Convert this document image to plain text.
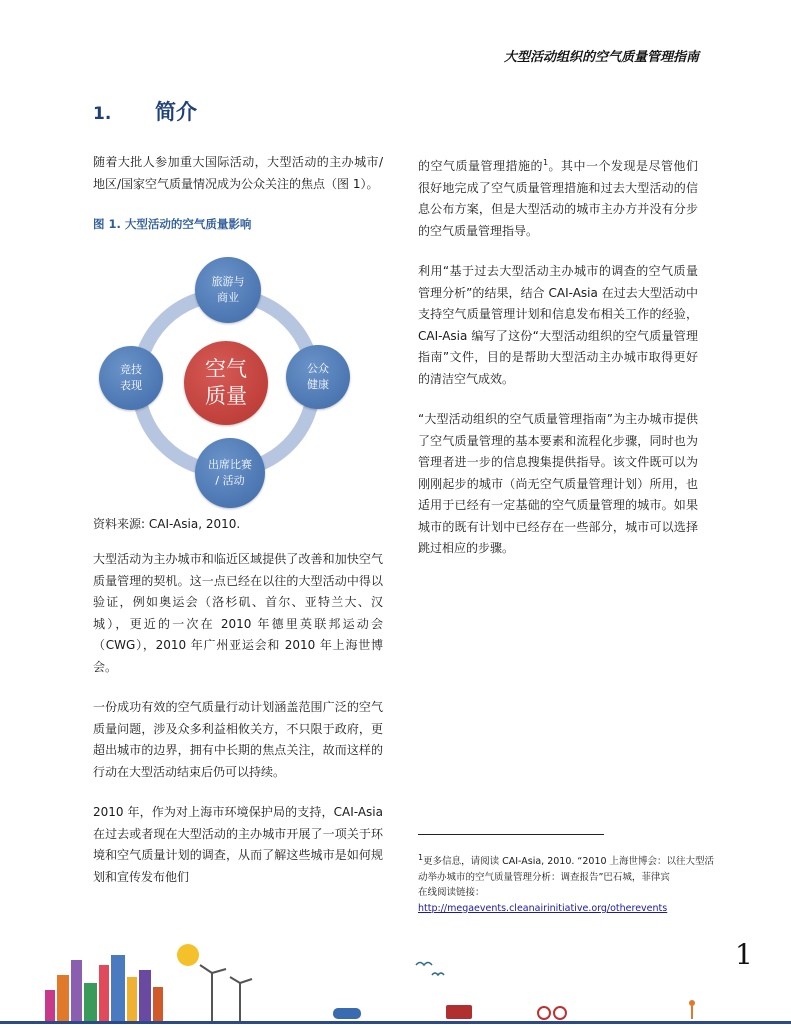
大型活动组织的空气质量管理指南
1. 简介

随着大批人参加重大国际活动，大型活动的主办城市/地区/国家空气质量情况成为公众关注的焦点（图 1）。

图 1. 大型活动的空气质量影响
空气
质量
旅游与
商业
公众
健康
出席比赛
/ 活动
竞技
表现
资料来源: CAI-Asia, 2010.

大型活动为主办城市和临近区域提供了改善和加快空气质量管理的契机。这一点已经在以往的大型活动中得以验证，例如奥运会（洛杉矶、首尔、亚特兰大、汉城），更近的一次在 2010 年德里英联邦运动会（CWG），2010 年广州亚运会和 2010 年上海世博会。

一份成功有效的空气质量行动计划涵盖范围广泛的空气质量问题，涉及众多利益相攸关方，不只限于政府，更超出城市的边界，拥有中长期的焦点关注，故而这样的行动在大型活动结束后仍可以持续。

2010 年，作为对上海市环境保护局的支持，CAI-Asia 在过去或者现在大型活动的主办城市开展了一项关于环境和空气质量计划的调查，从而了解这些城市是如何规划和宣传发布他们

的空气质量管理措施的$^1$。其中一个发现是尽管他们很好地完成了空气质量管理措施和过去大型活动的信息公布方案，但是大型活动的城市主办方并没有分步的空气质量管理指导。

利用“基于过去大型活动主办城市的调查的空气质量管理分析”的结果，结合 CAI-Asia 在过去大型活动中支持空气质量管理计划和信息发布相关工作的经验，CAI-Asia 编写了这份“大型活动组织的空气质量管理指南”文件，目的是帮助大型活动主办城市取得更好的清洁空气成效。

“大型活动组织的空气质量管理指南”为主办城市提供了空气质量管理的基本要素和流程化步骤，同时也为管理者进一步的信息搜集提供指导。该文件既可以为刚刚起步的城市（尚无空气质量管理计划）所用，也适用于已经有一定基础的空气质量管理的城市。如果城市的既有计划中已经存在一些部分，城市可以选择跳过相应的步骤。

$^1$更多信息，请阅读 CAI-Asia, 2010. “2010 上海世博会：以往大型活动举办城市的空气质量管理分析：调查报告”巴石城，菲律宾
在线阅读链接：
http://megaevents.cleanairinitiative.org/otherevents
1
